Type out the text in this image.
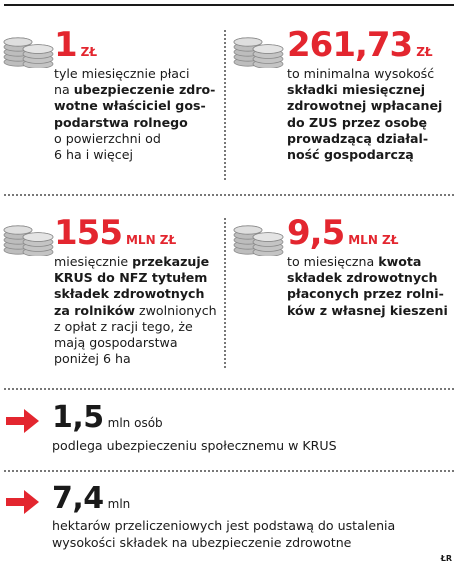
1 ZŁ
tyle miesięcznie płaci
na ubezpieczenie zdro-
wotne właściciel gos-
podarstwa rolnego
o powierzchni od
6 ha i więcej
261,73 ZŁ
to minimalna wysokość
składki miesięcznej
zdrowotnej wpłacanej
do ZUS przez osobę
prowadzącą działal-
ność gospodarczą
155 MLN ZŁ
miesięcznie przekazuje
KRUS do NFZ tytułem
składek zdrowotnych
za rolników zwolnionych
z opłat z racji tego, że
mają gospodarstwa
poniżej 6 ha
9,5 MLN ZŁ
to miesięczna kwota
składek zdrowotnych
płaconych przez rolni-
ków z własnej kieszeni
1,5 mln osób
podlega ubezpieczeniu społecznemu w KRUS
7,4 mln
hektarów przeliczeniowych jest podstawą do ustalenia
wysokości składek na ubezpieczenie zdrowotne
ŁR
